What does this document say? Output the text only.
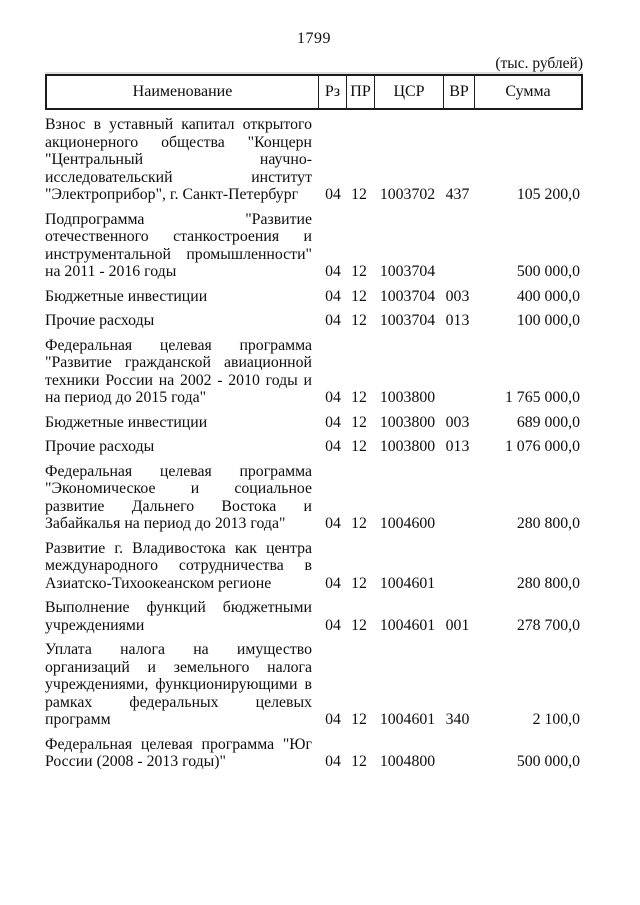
1799
(тыс. рублей)
Наименование	Рз ПР	ЦСР	ВР	Сумма
Взнос в уставный капитал открытого акционерного общества "Концерн "Центральный научно-исследовательский институт "Электроприбор", г. Санкт-Петербург	04 12 1003702 437	105 200,0
Подпрограмма "Развитие отечественного станкостроения и инструментальной промышленности" на 2011 - 2016 годы	04 12 1003704	500 000,0
Бюджетные инвестиции	04 12 1003704 003	400 000,0
Прочие расходы	04 12 1003704 013	100 000,0
Федеральная целевая программа "Развитие гражданской авиационной техники России на 2002 - 2010 годы и на период до 2015 года"	04 12 1003800	1 765 000,0
Бюджетные инвестиции	04 12 1003800 003	689 000,0
Прочие расходы	04 12 1003800 013	1 076 000,0
Федеральная целевая программа "Экономическое и социальное развитие Дальнего Востока и Забайкалья на период до 2013 года"	04 12 1004600	280 800,0
Развитие г. Владивостока как центра международного сотрудничества в Азиатско-Тихоокеанском регионе	04 12 1004601	280 800,0
Выполнение функций бюджетными учреждениями	04 12 1004601 001	278 700,0
Уплата налога на имущество организаций и земельного налога учреждениями, функционирующими в рамках федеральных целевых программ	04 12 1004601 340	2 100,0
Федеральная целевая программа "Юг России (2008 - 2013 годы)"	04 12 1004800	500 000,0
